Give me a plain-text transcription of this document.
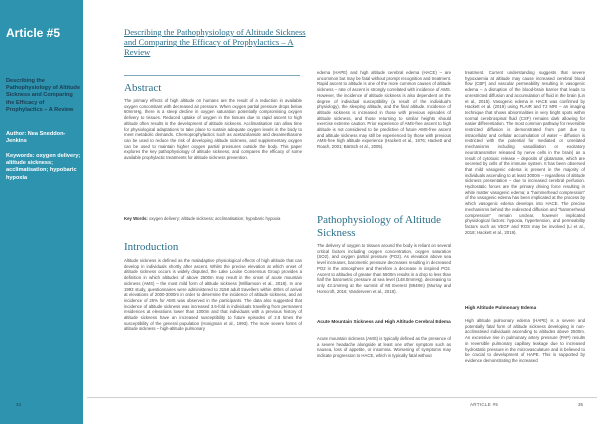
Article #5
Describing the Pathophysiology of Altitude Sickness and Comparing the Efficacy of Prophylactics – A Review
Author: Nea Sneddon-Jenkins
Keywords: oxygen delivery; altitude sickness; acclimatisation; hypobaric hypoxia
34
Describing the Pathophysiology of Altitude Sickness and Comparing the Efficacy of Prophylactics – A Review
Abstract
The primary effects of high altitude on humans are the result of a reduction in available oxygen concomitant with decreased air pressure. When oxygen partial pressure drops below 60mmHg, there is a steep decline in oxygen saturation potentially compromising oxygen delivery to tissues. Reduced uptake of oxygen in the tissues due to rapid ascent to high altitude often results in the development of altitude sickness. Acclimatisation can allow time for physiological adaptations to take place to sustain adequate oxygen levels in the body to meet metabolic demands. Chemoprophylactics such as acetazolamide and dexamethasone can be used to reduce the risk of developing altitude sickness, and supplementary oxygen can be used to maintain higher oxygen partial pressures outside the body. This paper explores the key pathophysiology of altitude sickness, and compares the efficacy of some available prophylactic treatments for altitude sickness prevention.
Key Words: oxygen delivery; altitude sickness; acclimatisation; hypobaric hypoxia
Introduction
Altitude sickness is defined as the maladaptive physiological effects of high altitude that can develop in individuals shortly after ascent. Whilst the precise elevation at which onset of altitude sickness occurs is widely disputed, the Lake Louise Consensus Group provides a definition in which altitudes of above 2500m may result in the onset of acute mountain sickness (AMS) – the most mild form of altitude sickness (Williamson et al., 2018). In one 1993 study, questionnaires were administered to 3158 adult travellers within 48hrs of arrival at elevations of 2000-3000m in order to determine the incidence of altitude sickness, and an incidence of 25% for AMS was observed in the participants. The data also suggested that incidence of altitude sickness was increased 3.5-fold in individuals travelling from permanent residences at elevations lower than 1000m and that individuals with a previous history of altitude sickness have an increased susceptibility to future episodes of 2.8 times the susceptibility of the general population (Honigman et al., 1993). The more severe forms of altitude sickness – high-altitude pulmonary
edema (HAPE) and high altitude cerebral edema (HACE) – are uncommon but may be fatal without prompt recognition and treatment. Rapid ascent to altitude is one of the more common causes of altitude sickness – rate of ascent is strongly correlated with incidence of AMS. However, the incidence of altitude sickness is also dependent on the degree of individual susceptibility (a result of the individual's physiology), the sleeping altitude, and the final altitude. Incidence of altitude sickness is increased in those with previous episodes of altitude sickness, and those returning to similar heights should exercise extreme caution. Prior experience of AMS-free ascent to high altitude is not considered to be predictive of future AMS-free ascent and altitude sickness may still be experienced by those with previous AMS-free high altitude experience (Hackett et al., 1976; Hackett and Roach, 2001; Bärtsch et al., 2005).
Pathophysiology of Altitude Sickness
The delivery of oxygen to tissues around the body is reliant on several critical factors including oxygen concentration, oxygen saturation (SO2), and oxygen partial pressure (PO2). As elevation above sea level increases, barometric pressure decreases resulting in decreased PO2 in the atmosphere and therefore a decrease in inspired PO2. Ascent to altitudes of greater than 5500m results in a drop to less than half the barometric pressure at sea level (148.0mmHg), decreasing to only 43.1mmHg at the summit of Mt Everest (8848m) (Murray and Horscroft, 2016; Vanderveen et al., 2018).
Acute Mountain Sickness and High Altitude Cerebral Edema
Acute mountain sickness (AMS) is typically defined as the presence of a severe headache alongside at least one other symptom such as nausea, loss of appetite, or insomnia. Worsening of symptoms may indicate progression to HACE, which is typically fatal without
treatment. Current understanding suggests that severe hypoxaemia at altitude may cause increased cerebral blood flow (CBF) and vascular permeability resulting in vasogenic edema – a disruption of the blood-brain barrier that leads to unrestricted diffusion and accumulation of fluid in the brain (Lin et al., 2015). Vasogenic edema in HACE was confirmed by Hackett et al. (2019) using FLAIR and T2 MRI – an imaging technique that shows abnormalities in very bright spots within normal cerebrospinal fluid (CSF) remains dark allowing for easier differentiation. The most common pathway for reversible restricted diffusion is demonstrated from part due to intracellular and cellular accumulation of water – diffusion is restricted with the potential for mediated or unrelated mechanisms including vasodilation or excitatory neurotransmitter released by nerve cells in the brain) as a result of cytotoxic release – deposits of glutamate, which are secreted by cells of the immune system. It has been observed that mild vasogenic edema is present in the majority of individuals ascending to at least 3000m – regardless of altitude sickness presentation – due to increased cerebral perfusion. Hydrostatic forces are the primary driving force resulting in white matter vasogenic edema; a "hammerhead compression" of the vasogenic edema has been implicated at the process by which vasogenic edema develops into HACE. The precise mechanisms behind the redirected diffusion and "hammerhead compression" remain unclear, however implicated physiological factors: hypoxia, hypertension, and permeability factors such as VEGF and ROS may be involved (Li et al., 2018; Hackett et al., 2019).
High Altitude Pulmonary Edema
High altitude pulmonary edema (HAPE) is a severe and potentially fatal form of altitude sickness developing in non-acclimatised individuals ascending to altitudes above 2500m. An excessive rise in pulmonary artery pressure (PAP) results in reversible pulmonary capillary leakage due to increased hydrostatic pressure in the microvasculature and is believed to be crucial to development of HAPE. This is supported by evidence demonstrating the increased
ARTICLE #5	35
